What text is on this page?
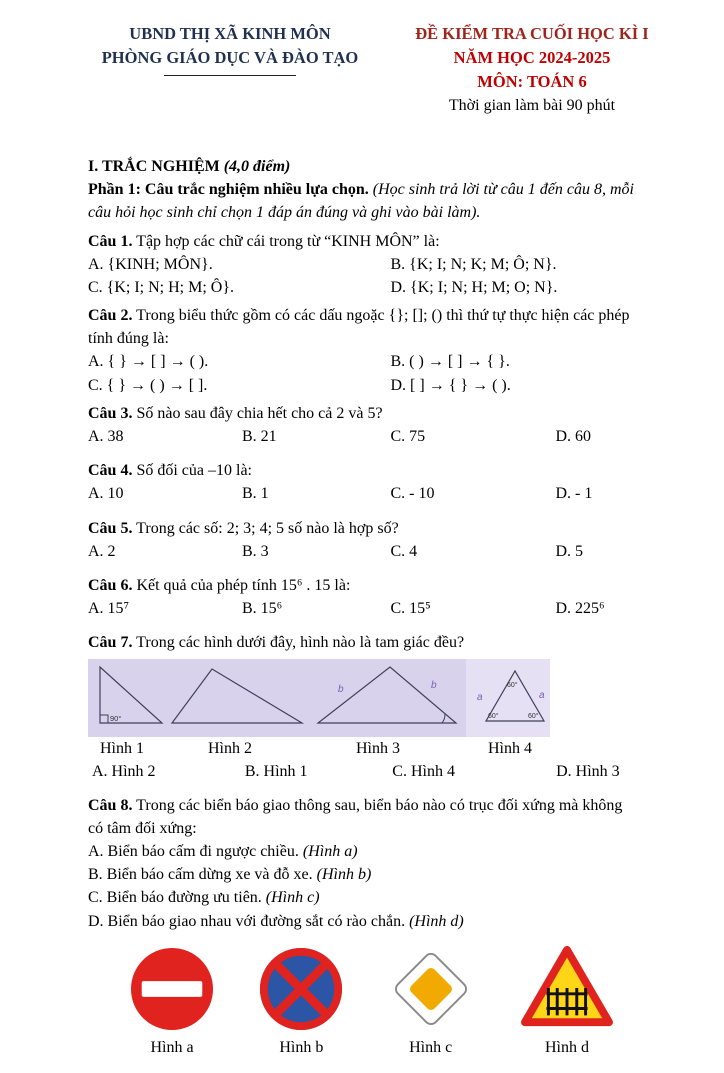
UBND THỊ XÃ KINH MÔN
PHÒNG GIÁO DỤC VÀ ĐÀO TẠO
ĐỀ KIỂM TRA CUỐI HỌC KÌ I
NĂM HỌC 2024-2025
MÔN: TOÁN 6
Thời gian làm bài 90 phút

I. TRẮC NGHIỆM (4,0 điểm)

Phần 1: Câu trắc nghiệm nhiều lựa chọn. (Học sinh trả lời từ câu 1 đến câu 8, mỗi câu hỏi học sinh chỉ chọn 1 đáp án đúng và ghi vào bài làm).

Câu 1. Tập hợp các chữ cái trong từ “KINH MÔN” là:

A. {KINH; MÔN}.	B. {K; I; N; K; M; Ô; N}.
C. {K; I; N; H; M; Ô}.	D. {K; I; N; H; M; O; N}.

Câu 2. Trong biểu thức gồm có các dấu ngoặc {}; []; () thì thứ tự thực hiện các phép tính đúng là:

A. { } → [ ] → ( ).	B. ( ) → [ ] → { }.
C. { } → ( ) → [ ].	D. [ ] → { } → ( ).

Câu 3. Số nào sau đây chia hết cho cả 2 và 5?

A. 38	B. 21	C. 75	D. 60

Câu 4. Số đối của –10 là:

A. 10	B. 1	C. - 10	D. - 1

Câu 5. Trong các số: 2; 3; 4; 5 số nào là hợp số?

A. 2	B. 3	C. 4	D. 5

Câu 6. Kết quả của phép tính 15⁶ . 15 là:

A. 15⁷	B. 15⁶	C. 15⁵	D. 225⁶

Câu 7. Trong các hình dưới đây, hình nào là tam giác đều?

90°
b	b	60°
60°	60°
a	a
Hình 1	Hình 2	Hình 3	Hình 4
A. Hình 2	B. Hình 1	C. Hình 4	D. Hình 3

Câu 8. Trong các biển báo giao thông sau, biển báo nào có trục đối xứng mà không có tâm đối xứng:

A. Biển báo cấm đi ngược chiều. (Hình a)

B. Biển báo cấm dừng xe và đỗ xe. (Hình b)

C. Biển báo đường ưu tiên. (Hình c)

D. Biển báo giao nhau với đường sắt có rào chắn. (Hình d)

Hình a	Hình b	Hình c	Hình d
